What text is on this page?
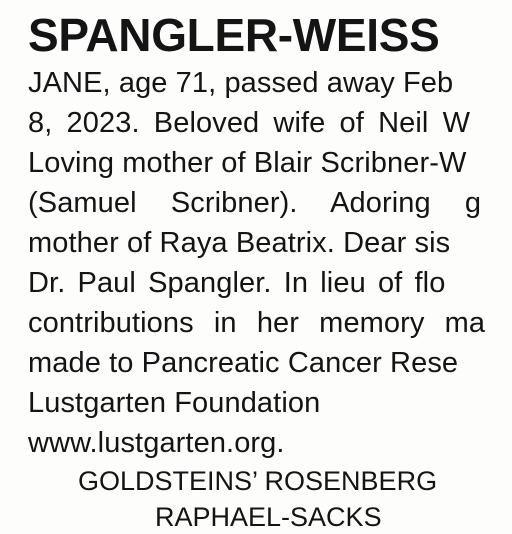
SPANGLER-WEISS
JANE, age 71, passed away Feb
8, 2023. Beloved wife of Neil W
Loving mother of Blair Scribner-W
(Samuel Scribner). Adoring g
mother of Raya Beatrix. Dear sis
Dr. Paul Spangler. In lieu of flo
contributions in her memory ma
made to Pancreatic Cancer Rese
Lustgarten Foundation
www.lustgarten.org.
GOLDSTEINS’ ROSENBERG
RAPHAEL-SACKS
